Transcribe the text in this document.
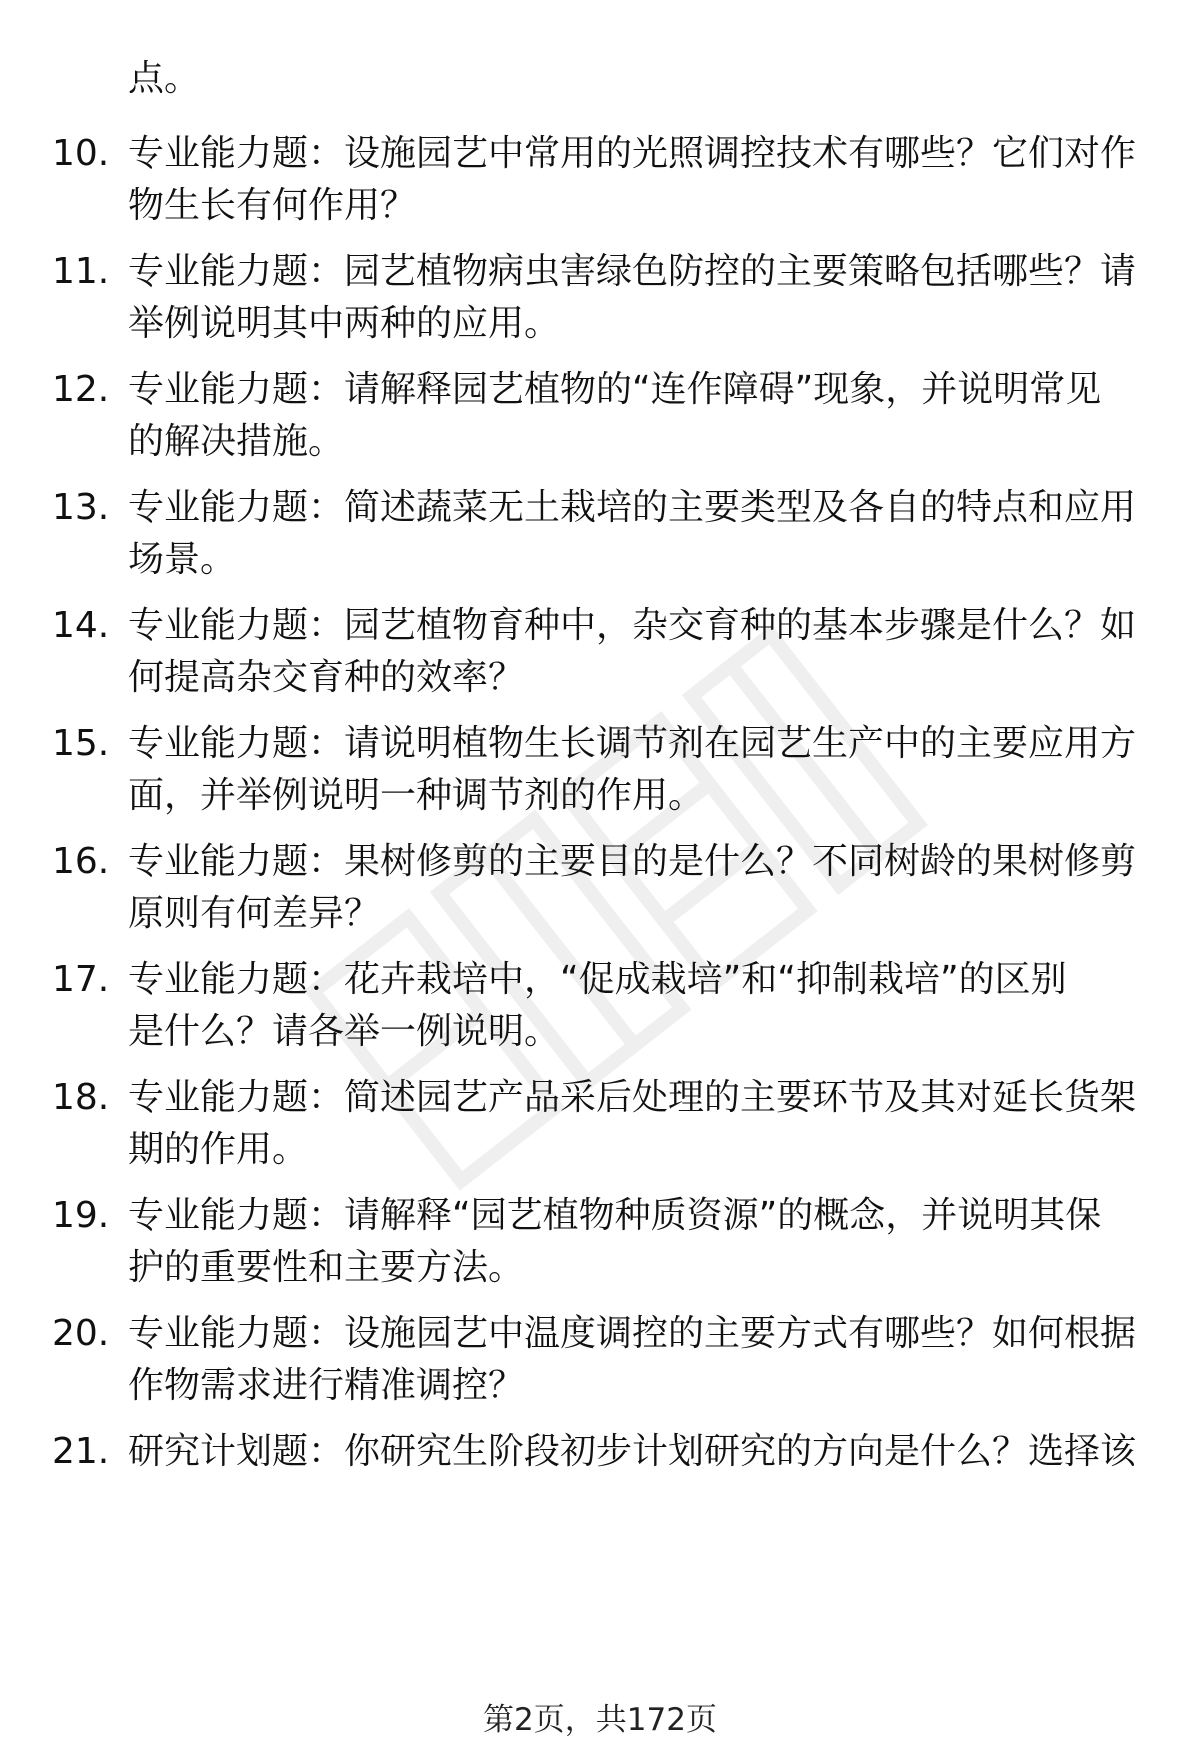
点。
10. 专业能力题：设施园艺中常用的光照调控技术有哪些？它们对作
物生长有何作用？
11. 专业能力题：园艺植物病虫害绿色防控的主要策略包括哪些？请
举例说明其中两种的应用。
12. 专业能力题：请解释园艺植物的“连作障碍”现象，并说明常见
的解决措施。
13. 专业能力题：简述蔬菜无土栽培的主要类型及各自的特点和应用
场景。
14. 专业能力题：园艺植物育种中，杂交育种的基本步骤是什么？如
何提高杂交育种的效率？
15. 专业能力题：请说明植物生长调节剂在园艺生产中的主要应用方
面，并举例说明一种调节剂的作用。
16. 专业能力题：果树修剪的主要目的是什么？不同树龄的果树修剪
原则有何差异？
17. 专业能力题：花卉栽培中，“促成栽培”和“抑制栽培”的区别
是什么？请各举一例说明。
18. 专业能力题：简述园艺产品采后处理的主要环节及其对延长货架
期的作用。
19. 专业能力题：请解释“园艺植物种质资源”的概念，并说明其保
护的重要性和主要方法。
20. 专业能力题：设施园艺中温度调控的主要方式有哪些？如何根据
作物需求进行精准调控？
21. 研究计划题：你研究生阶段初步计划研究的方向是什么？选择该
第2页，共172页
